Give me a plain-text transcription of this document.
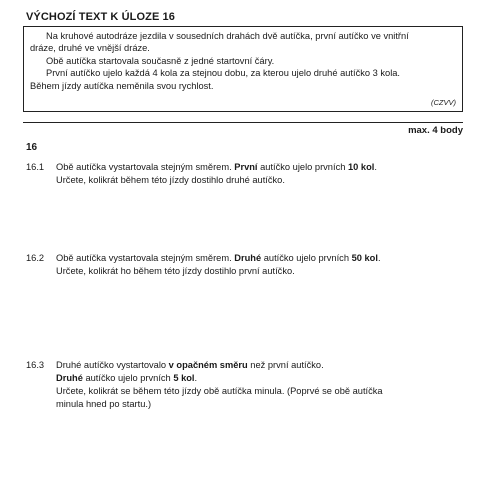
VÝCHOZÍ TEXT K ÚLOZE 16

Na kruhové autodráze jezdila v sousedních drahách dvě autíčka, první autíčko ve vnitřní

dráze, druhé ve vnější dráze.

Obě autíčka startovala současně z jedné startovní čáry.

První autíčko ujelo každá 4 kola za stejnou dobu, za kterou ujelo druhé autíčko 3 kola.

Během jízdy autíčka neměnila svou rychlost.

(CZVV)
max. 4 body
16
16.1 Obě autíčka vystartovala stejným směrem. První autíčko ujelo prvních 10 kol.
Určete, kolikrát během této jízdy dostihlo druhé autíčko.
16.2 Obě autíčka vystartovala stejným směrem. Druhé autíčko ujelo prvních 50 kol.
Určete, kolikrát ho během této jízdy dostihlo první autíčko.
16.3 Druhé autíčko vystartovalo v opačném směru než první autíčko.
Druhé autíčko ujelo prvních 5 kol.
Určete, kolikrát se během této jízdy obě autíčka minula. (Poprvé se obě autíčka
minula hned po startu.)
